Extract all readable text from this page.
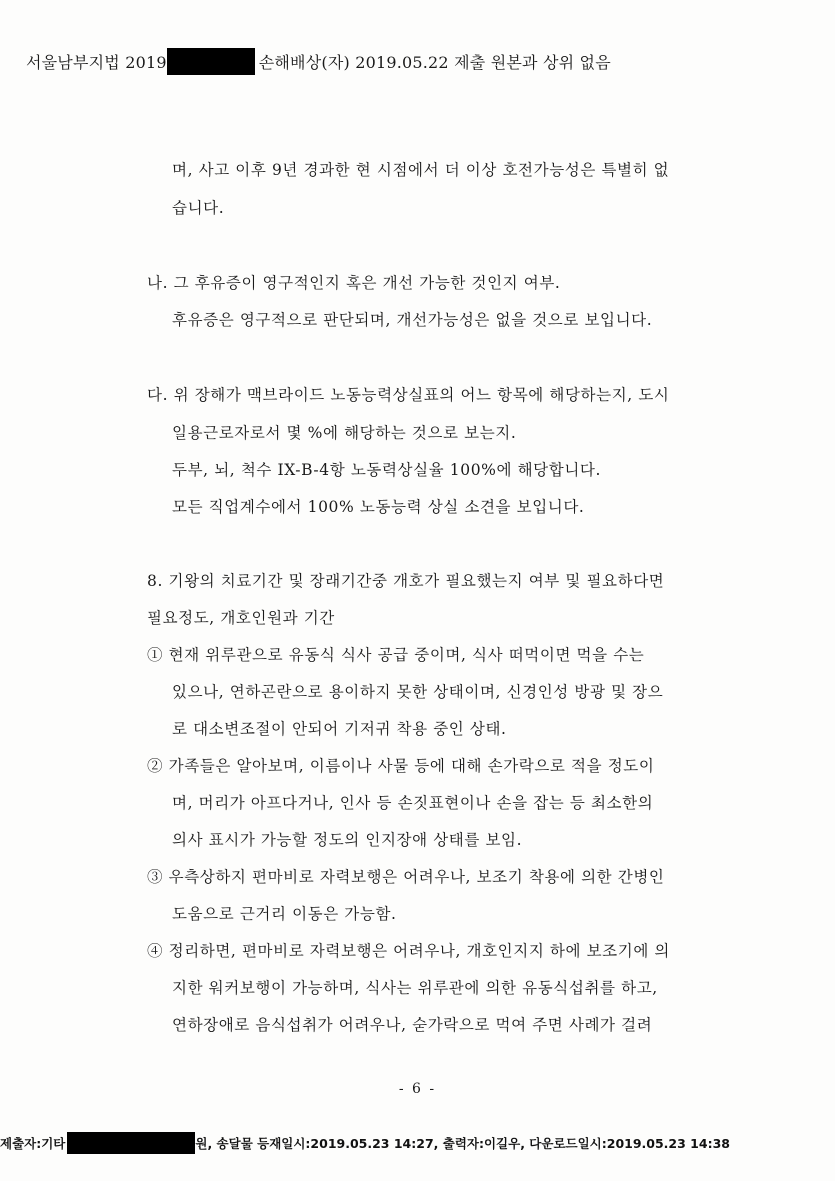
서울남부지법 2019	손해배상(자) 2019.05.22 제출 원본과 상위 없음
며, 사고 이후 9년 경과한 현 시점에서 더 이상 호전가능성은 특별히 없
습니다.
나. 그 후유증이 영구적인지 혹은 개선 가능한 것인지 여부.
후유증은 영구적으로 판단되며, 개선가능성은 없을 것으로 보입니다.
다. 위 장해가 맥브라이드 노동능력상실표의 어느 항목에 해당하는지, 도시
일용근로자로서 몇 %에 해당하는 것으로 보는지.
두부, 뇌, 척수 IX-B-4항 노동력상실율 100%에 해당합니다.
모든 직업계수에서 100% 노동능력 상실 소견을 보입니다.
8. 기왕의 치료기간 및 장래기간중 개호가 필요했는지 여부 및 필요하다면
필요정도, 개호인원과 기간
① 현재 위루관으로 유동식 식사 공급 중이며, 식사 떠먹이면 먹을 수는
있으나, 연하곤란으로 용이하지 못한 상태이며, 신경인성 방광 및 장으
로 대소변조절이 안되어 기저귀 착용 중인 상태.
② 가족들은 알아보며, 이름이나 사물 등에 대해 손가락으로 적을 정도이
며, 머리가 아프다거나, 인사 등 손짓표현이나 손을 잡는 등 최소한의
의사 표시가 가능할 정도의 인지장애 상태를 보임.
③ 우측상하지 편마비로 자력보행은 어려우나, 보조기 착용에 의한 간병인
도움으로 근거리 이동은 가능함.
④ 정리하면, 편마비로 자력보행은 어려우나, 개호인지지 하에 보조기에 의
지한 워커보행이 가능하며, 식사는 위루관에 의한 유동식섭취를 하고,
연하장애로 음식섭취가 어려우나, 숟가락으로 먹여 주면 사례가 걸려
- 6 -
제출자:기타	원, 송달물 등재일시:2019.05.23 14:27, 출력자:이길우, 다운로드일시:2019.05.23 14:38
